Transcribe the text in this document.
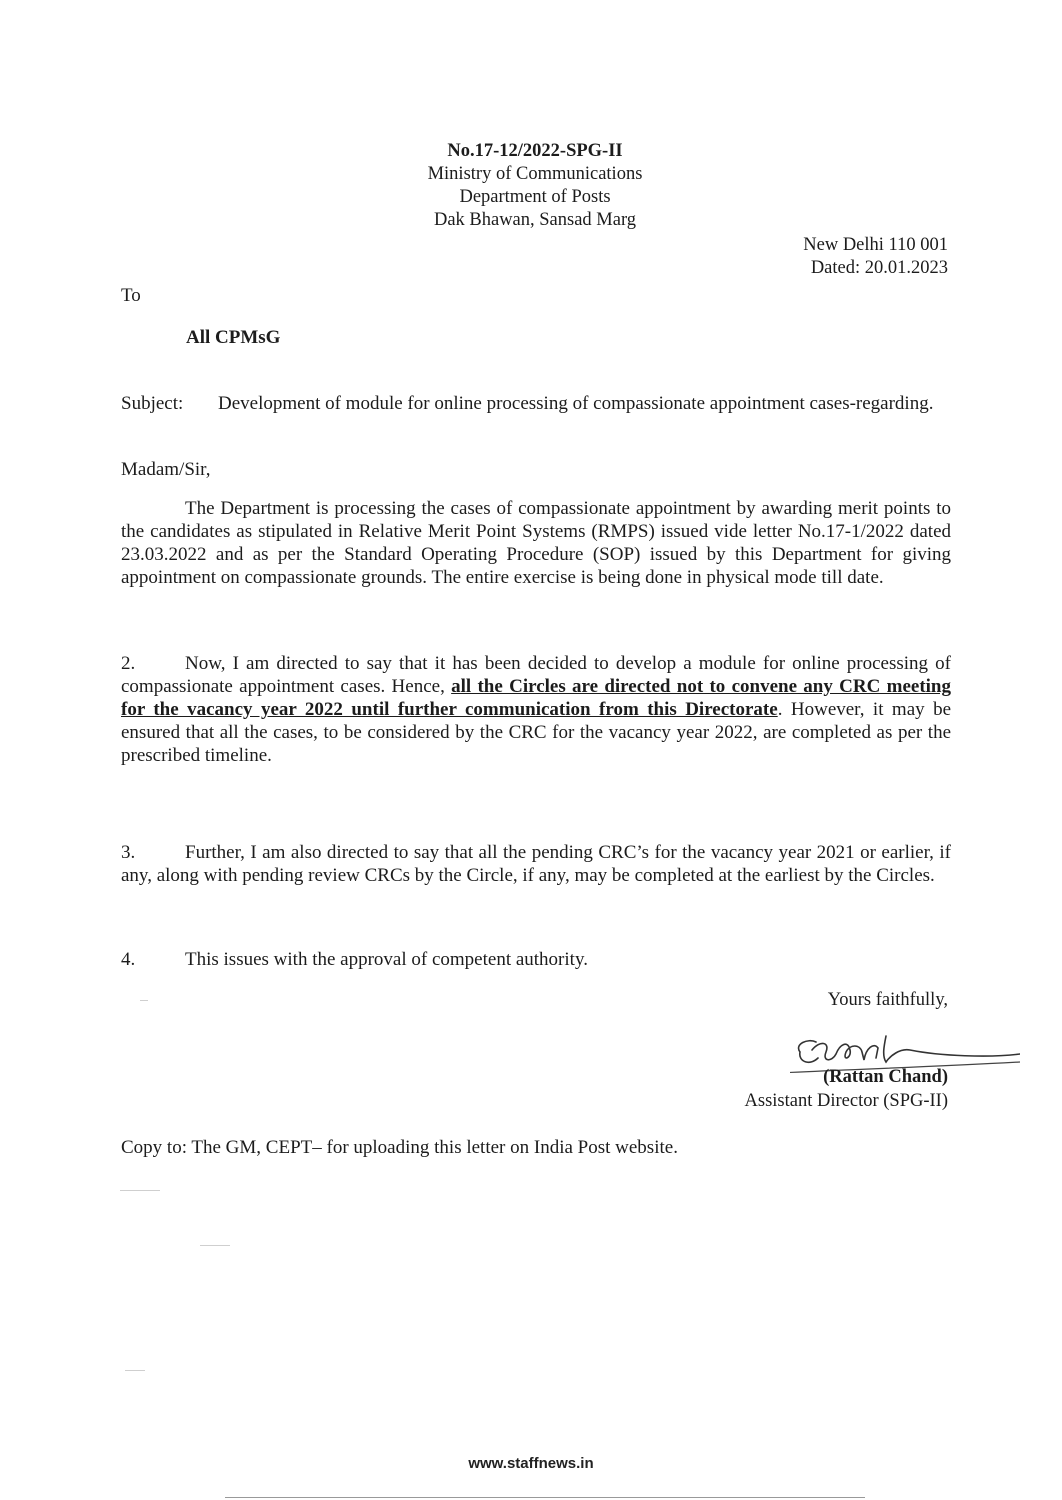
No.17-12/2022-SPG-II
Ministry of Communications
Department of Posts
Dak Bhawan, Sansad Marg
New Delhi 110 001
Dated: 20.01.2023
To
All CPMsG
Subject: Development of module for online processing of compassionate appointment cases-regarding.
Madam/Sir,
The Department is processing the cases of compassionate appointment by awarding merit points to the candidates as stipulated in Relative Merit Point Systems (RMPS) issued vide letter No.17-1/2022 dated 23.03.2022 and as per the Standard Operating Procedure (SOP) issued by this Department for giving appointment on compassionate grounds. The entire exercise is being done in physical mode till date.
2.	Now, I am directed to say that it has been decided to develop a module for online processing of compassionate appointment cases. Hence, all the Circles are directed not to convene any CRC meeting for the vacancy year 2022 until further communication from this Directorate. However, it may be ensured that all the cases, to be considered by the CRC for the vacancy year 2022, are completed as per the prescribed timeline.
3.	Further, I am also directed to say that all the pending CRC’s for the vacancy year 2021 or earlier, if any, along with pending review CRCs by the Circle, if any, may be completed at the earliest by the Circles.
4.	This issues with the approval of competent authority.
Yours faithfully,
(Rattan Chand)
Assistant Director (SPG-II)
Copy to: The GM, CEPT– for uploading this letter on India Post website.
www.staffnews.in
